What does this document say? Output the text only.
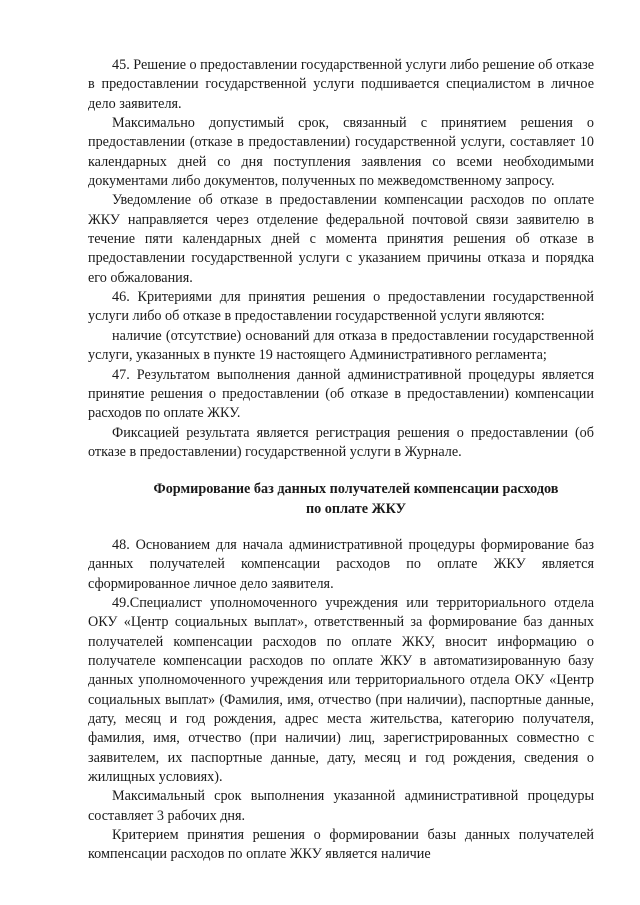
45. Решение о предоставлении государственной услуги либо решение об отказе в предоставлении государственной услуги подшивается специалистом в личное дело заявителя.

Максимально допустимый срок, связанный с принятием решения о предоставлении (отказе в предоставлении) государственной услуги, составляет 10 календарных дней со дня поступления заявления со всеми необходимыми документами либо документов, полученных по межведомственному запросу.

Уведомление об отказе в предоставлении компенсации расходов по оплате ЖКУ направляется через отделение федеральной почтовой связи заявителю в течение пяти календарных дней с момента принятия решения об отказе в предоставлении государственной услуги с указанием причины отказа и порядка его обжалования.

46. Критериями для принятия решения о предоставлении государственной услуги либо об отказе в предоставлении государственной услуги являются:

наличие (отсутствие) оснований для отказа в предоставлении государственной услуги, указанных в пункте 19 настоящего Административного регламента;

47. Результатом выполнения данной административной процедуры является принятие решения о предоставлении (об отказе в предоставлении) компенсации расходов по оплате ЖКУ.

Фиксацией результата является регистрация решения о предоставлении (об отказе в предоставлении) государственной услуги в Журнале.

Формирование баз данных получателей компенсации расходов
по оплате ЖКУ

48. Основанием для начала административной процедуры формирование баз данных получателей компенсации расходов по оплате ЖКУ является сформированное личное дело заявителя.

49.Специалист уполномоченного учреждения или территориального отдела ОКУ «Центр социальных выплат», ответственный за формирование баз данных получателей компенсации расходов по оплате ЖКУ, вносит информацию о получателе компенсации расходов по оплате ЖКУ в автоматизированную базу данных уполномоченного учреждения или территориального отдела ОКУ «Центр социальных выплат» (Фамилия, имя, отчество (при наличии), паспортные данные, дату, месяц и год рождения, адрес места жительства, категорию получателя, фамилия, имя, отчество (при наличии) лиц, зарегистрированных совместно с заявителем, их паспортные данные, дату, месяц и год рождения, сведения о жилищных условиях).

Максимальный срок выполнения указанной административной процедуры составляет 3 рабочих дня.

Критерием принятия решения о формировании базы данных получателей компенсации расходов по оплате ЖКУ является наличие
